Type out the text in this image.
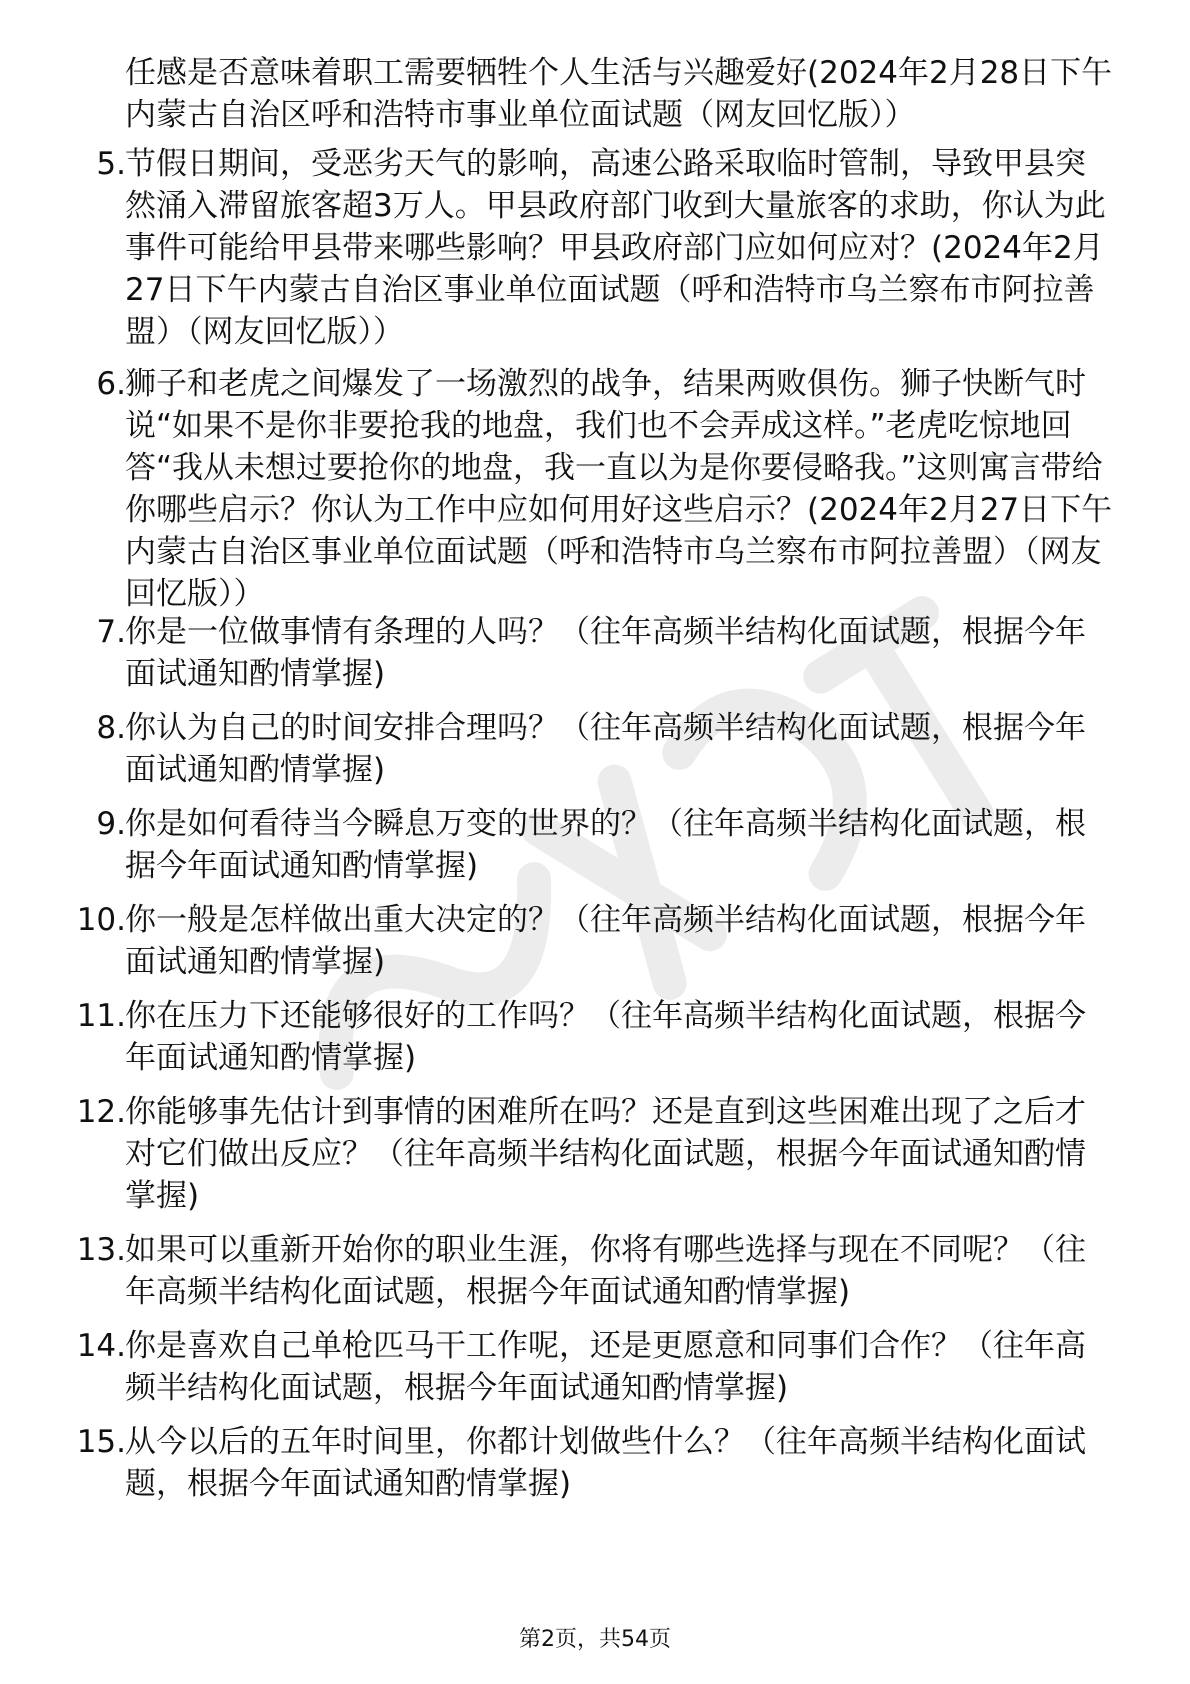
任感是否意味着职工需要牺牲个人生活与兴趣爱好(2024年2月28日下午内蒙古自治区呼和浩特市事业单位面试题（网友回忆版））
5. 节假日期间，受恶劣天气的影响，高速公路采取临时管制，导致甲县突然涌入滞留旅客超3万人。甲县政府部门收到大量旅客的求助，你认为此事件可能给甲县带来哪些影响？甲县政府部门应如何应对？(2024年2月27日下午内蒙古自治区事业单位面试题（呼和浩特市乌兰察布市阿拉善盟）（网友回忆版））
6. 狮子和老虎之间爆发了一场激烈的战争，结果两败俱伤。狮子快断气时说“如果不是你非要抢我的地盘，我们也不会弄成这样。”老虎吃惊地回答“我从未想过要抢你的地盘，我一直以为是你要侵略我。”这则寓言带给你哪些启示？你认为工作中应如何用好这些启示？(2024年2月27日下午内蒙古自治区事业单位面试题（呼和浩特市乌兰察布市阿拉善盟）（网友回忆版））
7. 你是一位做事情有条理的人吗？（往年高频半结构化面试题，根据今年面试通知酌情掌握)
8. 你认为自己的时间安排合理吗？（往年高频半结构化面试题，根据今年面试通知酌情掌握)
9. 你是如何看待当今瞬息万变的世界的？（往年高频半结构化面试题，根据今年面试通知酌情掌握)
10. 你一般是怎样做出重大决定的？（往年高频半结构化面试题，根据今年面试通知酌情掌握)
11. 你在压力下还能够很好的工作吗？（往年高频半结构化面试题，根据今年面试通知酌情掌握)
12. 你能够事先估计到事情的困难所在吗？还是直到这些困难出现了之后才对它们做出反应？（往年高频半结构化面试题，根据今年面试通知酌情掌握)
13. 如果可以重新开始你的职业生涯，你将有哪些选择与现在不同呢？（往年高频半结构化面试题，根据今年面试通知酌情掌握)
14. 你是喜欢自己单枪匹马干工作呢，还是更愿意和同事们合作？（往年高频半结构化面试题，根据今年面试通知酌情掌握)
15. 从今以后的五年时间里，你都计划做些什么？（往年高频半结构化面试题，根据今年面试通知酌情掌握)
第2页，共54页
